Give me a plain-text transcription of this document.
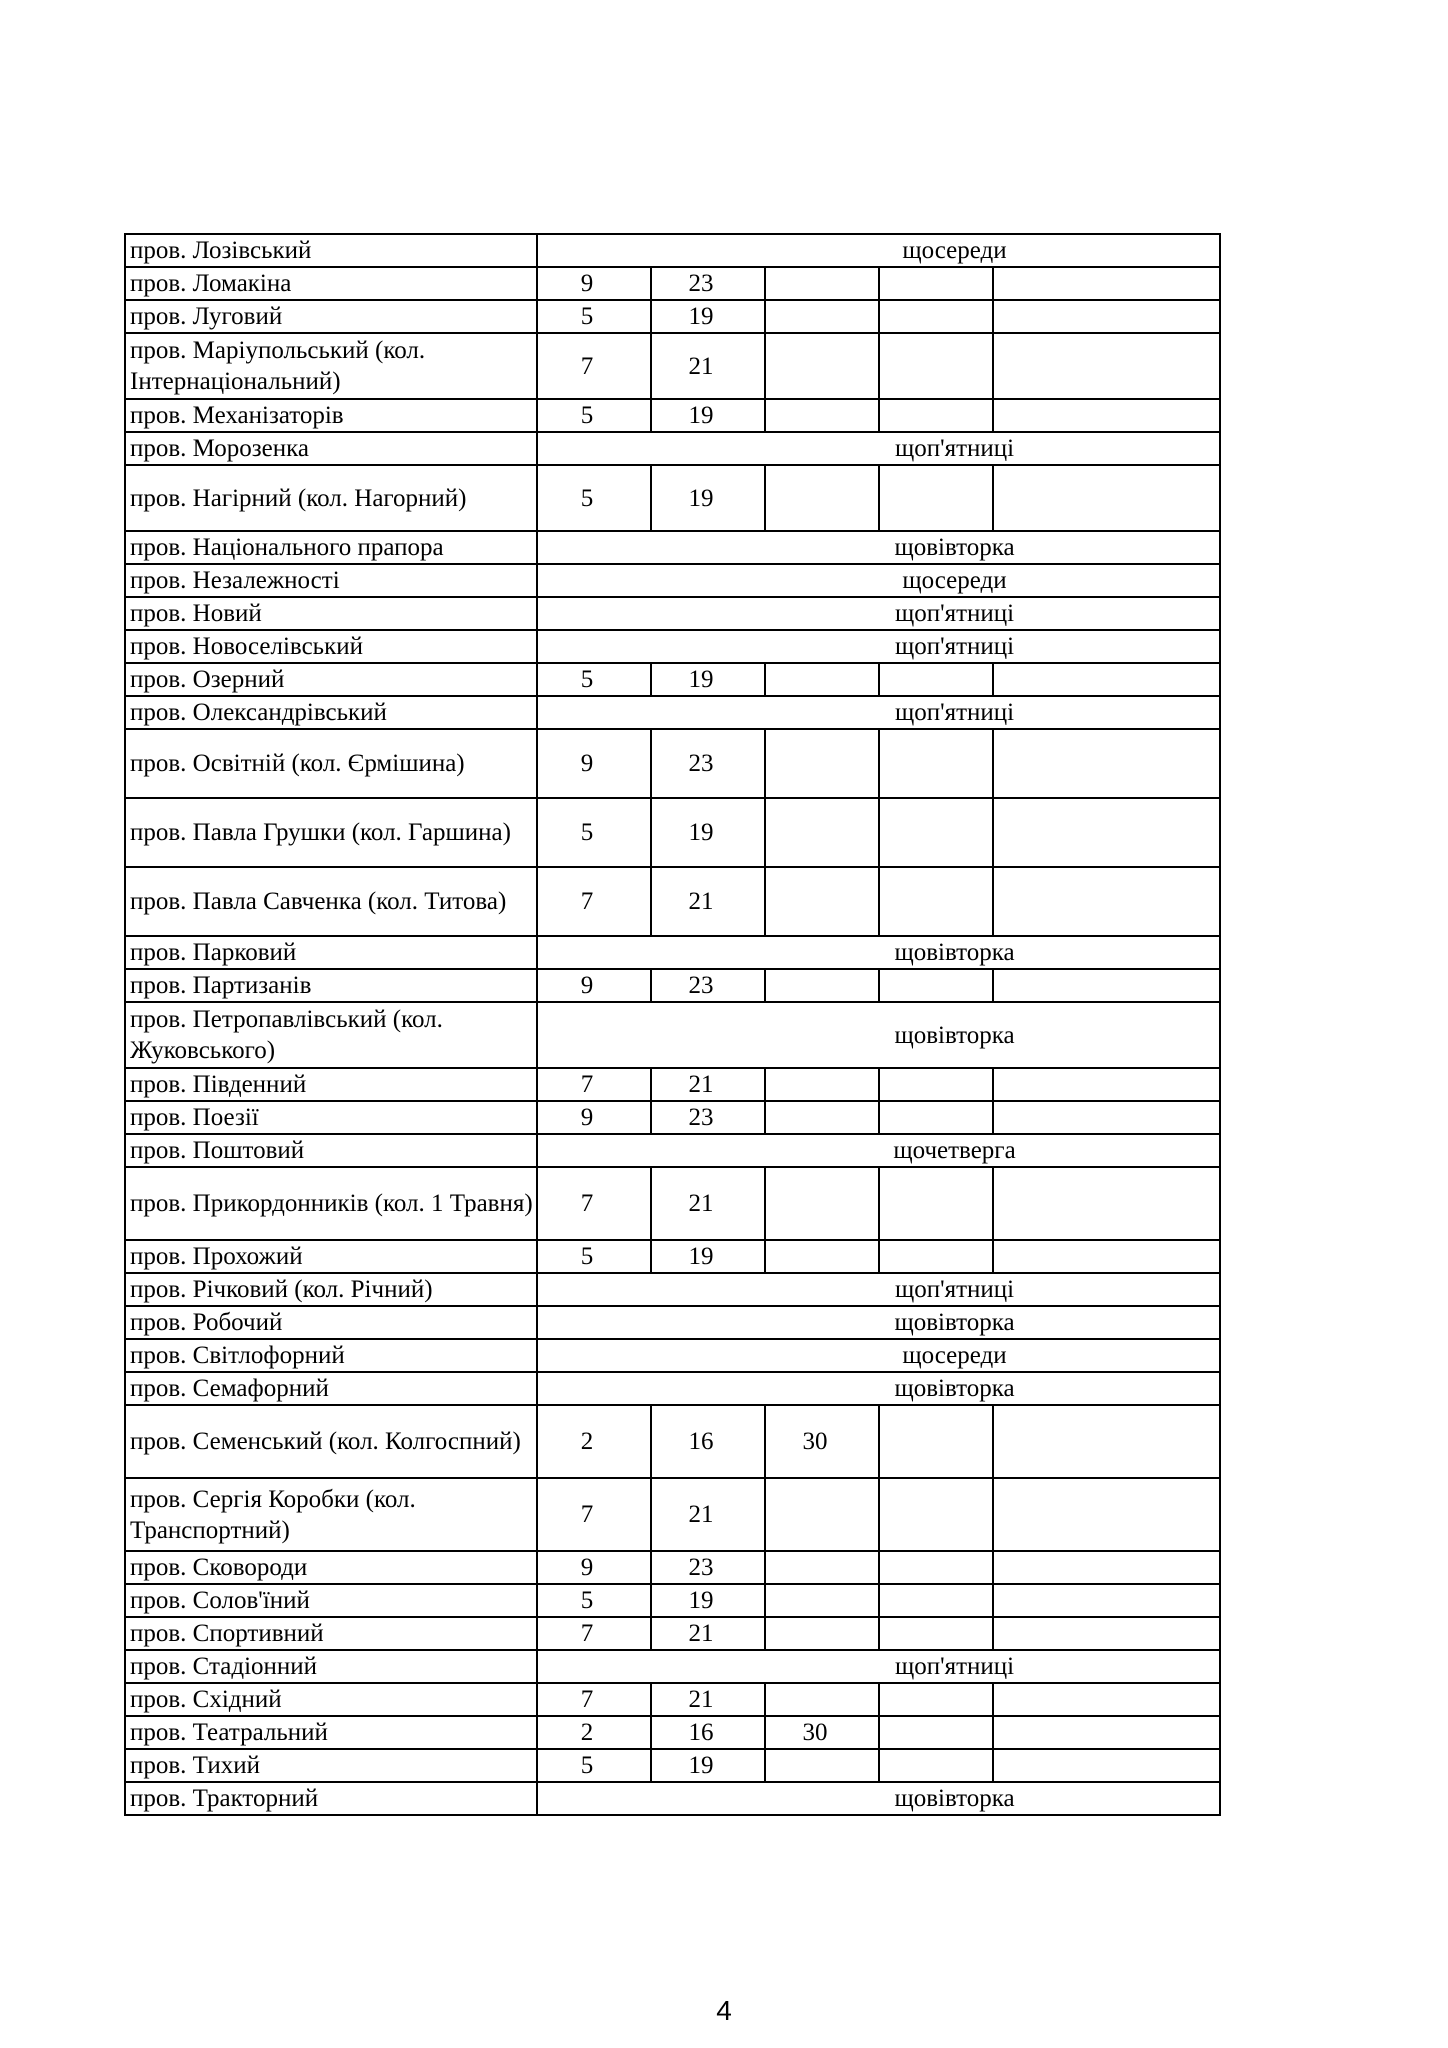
пров. Лозівський	щосереди				
пров. Ломакіна	9	23			
пров. Луговий	5	19			
пров. Маріупольський (кол. Інтернаціональний)	7	21			
пров. Механізаторів	5	19			
пров. Морозенка	щоп'ятниці				
пров. Нагірний (кол. Нагорний)	5	19			
пров. Національного прапора	щовівторка				
пров. Незалежності	щосереди				
пров. Новий	щоп'ятниці				
пров. Новоселівський	щоп'ятниці				
пров. Озерний	5	19			
пров. Олександрівський	щоп'ятниці				
пров. Освітній (кол. Єрмішина)	9	23			
пров. Павла Грушки (кол. Гаршина)	5	19			
пров. Павла Савченка (кол. Титова)	7	21			
пров. Парковий	щовівторка				
пров. Партизанів	9	23			
пров. Петропавлівський (кол. Жуковського)	щовівторка				
пров. Південний	7	21			
пров. Поезії	9	23			
пров. Поштовий	щочетверга				
пров. Прикордонників (кол. 1 Травня)	7	21			
пров. Прохожий	5	19			
пров. Річковий (кол. Річний)	щоп'ятниці				
пров. Робочий	щовівторка				
пров. Світлофорний	щосереди				
пров. Семафорний	щовівторка				
пров. Семенський (кол. Колгоспний)	2	16	30		
пров. Сергія Коробки (кол. Транспортний)	7	21			
пров. Сковороди	9	23			
пров. Солов'їний	5	19			
пров. Спортивний	7	21			
пров. Стадіонний	щоп'ятниці				
пров. Східний	7	21			
пров. Театральний	2	16	30		
пров. Тихий	5	19			
пров. Тракторний	щовівторка				
4
